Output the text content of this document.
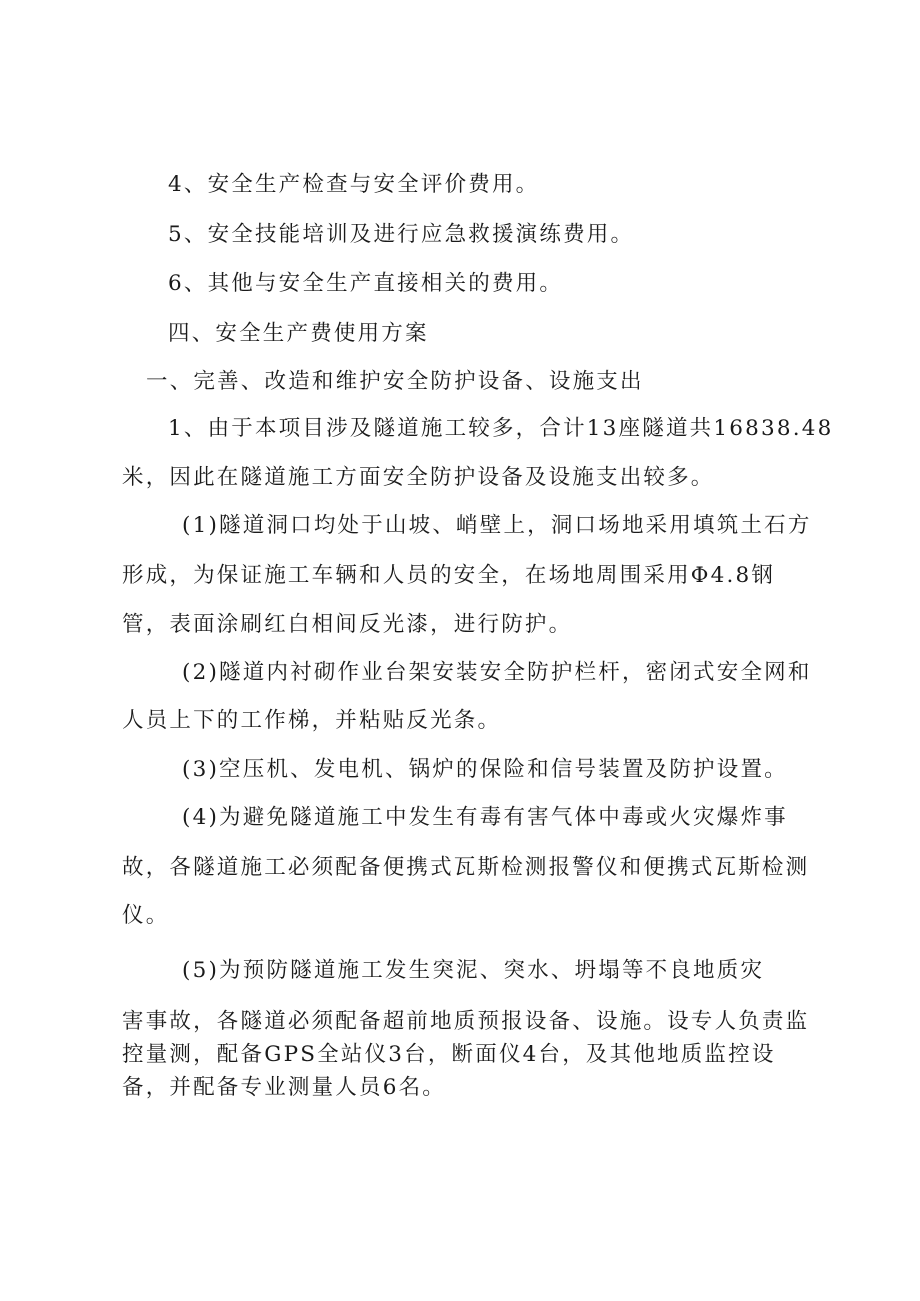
4、安全生产检查与安全评价费用。

5、安全技能培训及进行应急救援演练费用。

6、其他与安全生产直接相关的费用。

四、安全生产费使用方案

一、完善、改造和维护安全防护设备、设施支出

1、由于本项目涉及隧道施工较多，合计13座隧道共16838.48

米，因此在隧道施工方面安全防护设备及设施支出较多。

(1)隧道洞口均处于山坡、峭壁上，洞口场地采用填筑土石方

形成，为保证施工车辆和人员的安全，在场地周围采用Φ4.8钢

管，表面涂刷红白相间反光漆，进行防护。

(2)隧道内衬砌作业台架安装安全防护栏杆，密闭式安全网和

人员上下的工作梯，并粘贴反光条。

(3)空压机、发电机、锅炉的保险和信号装置及防护设置。

(4)为避免隧道施工中发生有毒有害气体中毒或火灾爆炸事

故，各隧道施工必须配备便携式瓦斯检测报警仪和便携式瓦斯检测

仪。

(5)为预防隧道施工发生突泥、突水、坍塌等不良地质灾

害事故，各隧道必须配备超前地质预报设备、设施。设专人负责监

控量测，配备GPS全站仪3台，断面仪4台，及其他地质监控设

备，并配备专业测量人员6名。
